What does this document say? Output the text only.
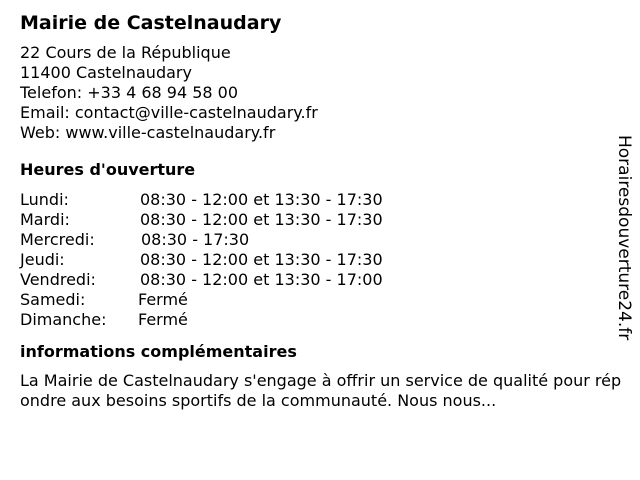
Mairie de Castelnaudary
22 Cours de la République
11400 Castelnaudary
Telefon: +33 4 68 94 58 00
Email: contact@ville-castelnaudary.fr
Web: www.ville-castelnaudary.fr
Heures d'ouverture
Lundi:	08:30 - 12:00 et 13:30 - 17:30
Mardi:	08:30 - 12:00 et 13:30 - 17:30
Mercredi:	08:30 - 17:30
Jeudi:	08:30 - 12:00 et 13:30 - 17:30
Vendredi:	08:30 - 12:00 et 13:30 - 17:00
Samedi:	Fermé
Dimanche: Fermé
informations complémentaires
La Mairie de Castelnaudary s'engage à offrir un service de qualité pour répondre aux besoins sportifs de la communauté. Nous nous...
Horairesdouverture24.fr
